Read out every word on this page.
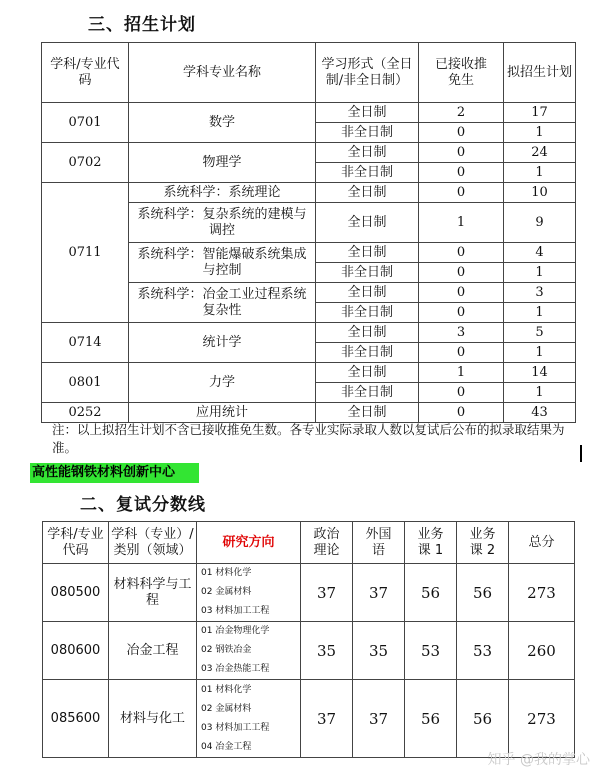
三、招生计划
学科/专业代码	学科专业名称	学习形式（全日制/非全日制）	已接收推免生	拟招生计划
0701	数学	全日制	2	17
		非全日制	0	1
0702	物理学	全日制	0	24
		非全日制	0	1
0711	系统科学：系统理论	全日制	0	10
	系统科学：复杂系统的建模与调控	全日制	1	9
	系统科学：智能爆破系统集成与控制	全日制	0	4
		非全日制	0	1
	系统科学：冶金工业过程系统复杂性	全日制	0	3
		非全日制	0	1
0714	统计学	全日制	3	5
		非全日制	0	1
0801	力学	全日制	1	14
		非全日制	0	1
0252	应用统计	全日制	0	43
注：以上拟招生计划不含已接收推免生数。各专业实际录取人数以复试后公布的拟录取结果为准。
高性能钢铁材料创新中心
二、复试分数线
学科/专业代码	学科（专业）/类别（领域）	研究方向	政治理论	外国语	业务课 1	业务课 2	总分
080500	材料科学与工程	01 材料化学
02 金属材料
03 材料加工工程	37	37	56	56	273
080600	冶金工程	01 冶金物理化学
02 钢铁冶金
03 冶金热能工程	35	35	53	53	260
085600	材料与化工	01 材料化学
02 金属材料
03 材料加工工程
04 冶金工程	37	37	56	56	273
知乎 @我的掌心
